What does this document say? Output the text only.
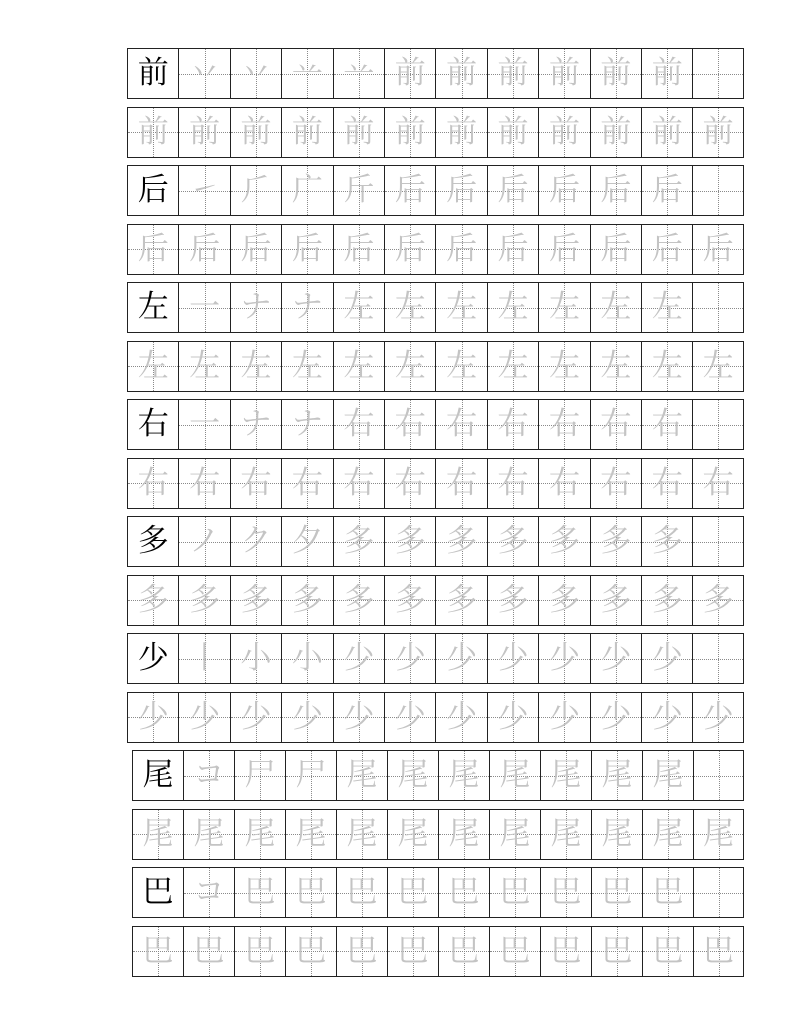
前 丷 丷 䒑 䒑 前 前 前 前 前 前
前 前 前 前 前 前 前 前 前 前 前 前
后 ㇀ ⺁ 广 斤 后 后 后 后 后 后
后 后 后 后 后 后 后 后 后 后 后 后
左 一 ナ ナ 左 左 左 左 左 左 左
左 左 左 左 左 左 左 左 左 左 左 左
右 一 ナ ナ 右 右 右 右 右 右 右
右 右 右 右 右 右 右 右 右 右 右 右
多 ノ ク 夕 多 多 多 多 多 多 多
多 多 多 多 多 多 多 多 多 多 多 多
少 丨 小 小 少 少 少 少 少 少 少
少 少 少 少 少 少 少 少 少 少 少 少
尾 コ 尸 尸 尾 尾 尾 尾 尾 尾 尾
尾 尾 尾 尾 尾 尾 尾 尾 尾 尾 尾 尾
巴 コ 巴 巴 巴 巴 巴 巴 巴 巴 巴
巴 巴 巴 巴 巴 巴 巴 巴 巴 巴 巴 巴
